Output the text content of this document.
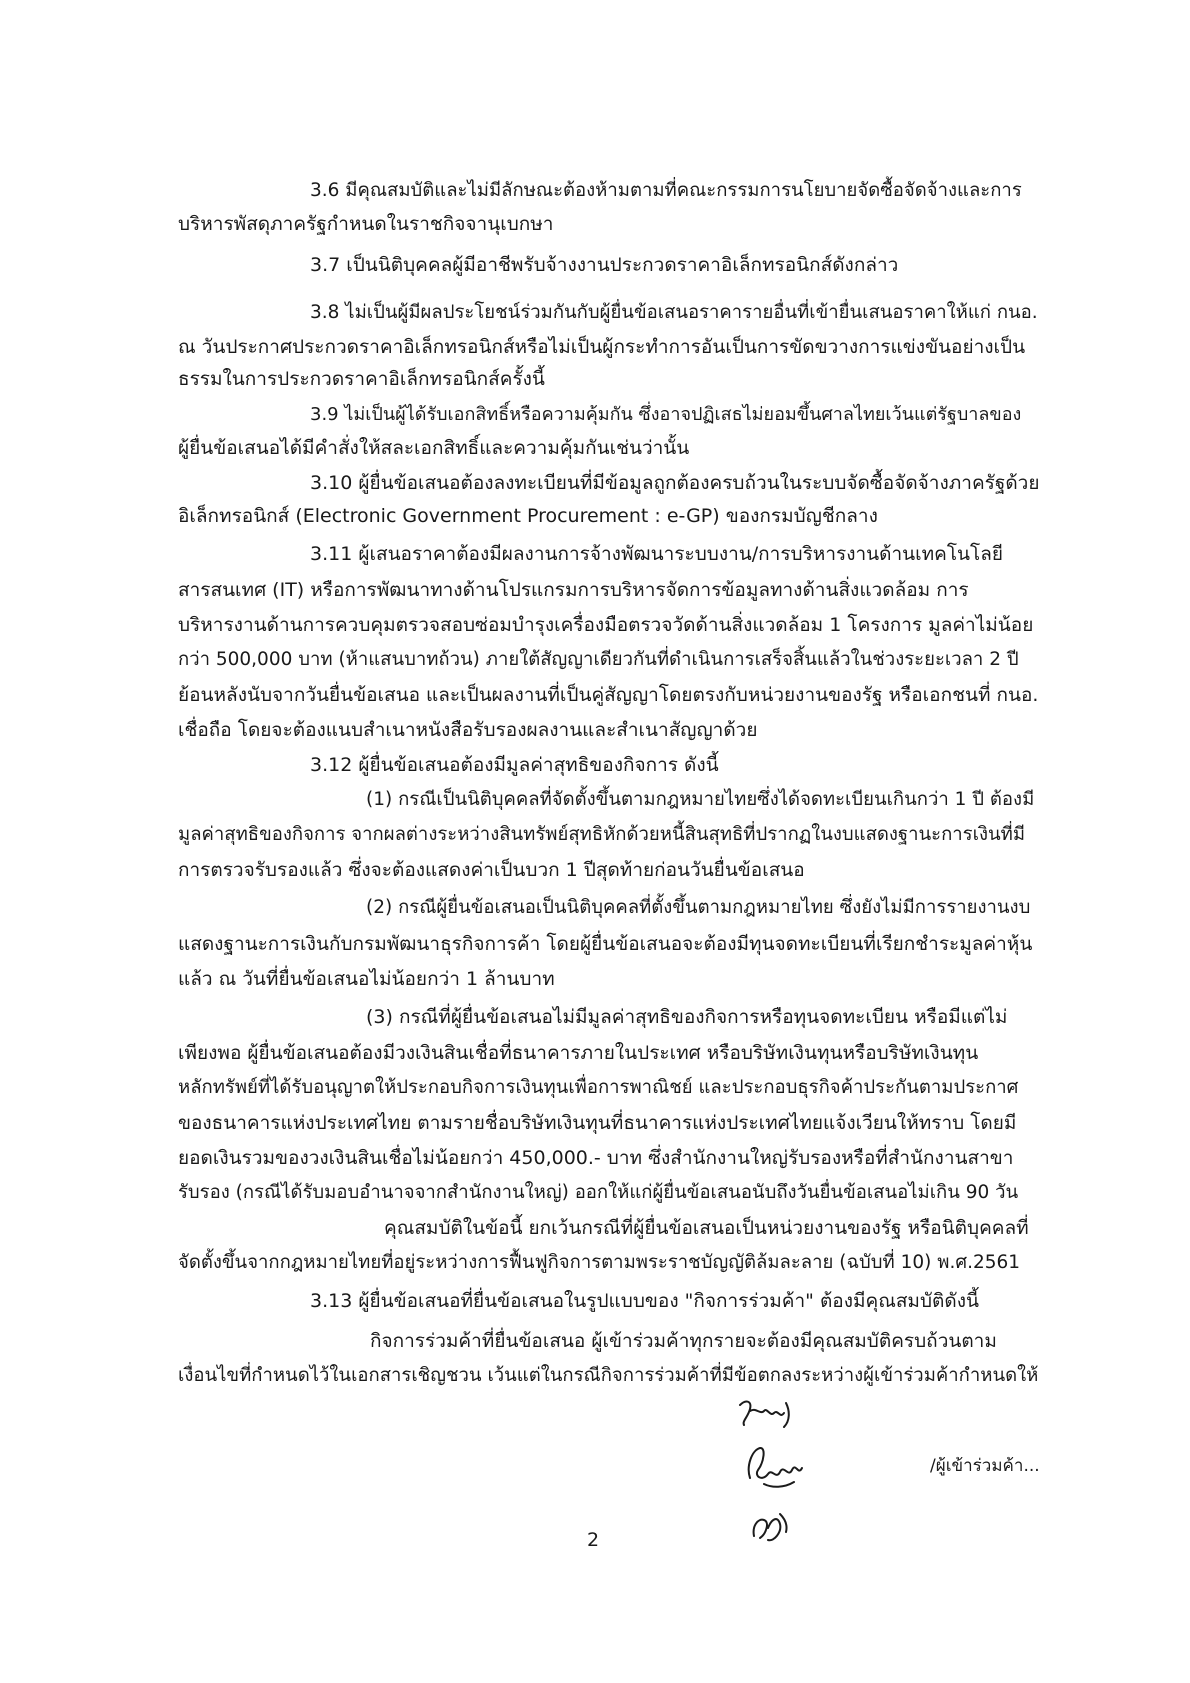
3.6 มีคุณสมบัติและไม่มีลักษณะต้องห้ามตามที่คณะกรรมการนโยบายจัดซื้อจัดจ้างและการ
บริหารพัสดุภาครัฐกำหนดในราชกิจจานุเบกษา
3.7 เป็นนิติบุคคลผู้มีอาชีพรับจ้างงานประกวดราคาอิเล็กทรอนิกส์ดังกล่าว
3.8 ไม่เป็นผู้มีผลประโยชน์ร่วมกันกับผู้ยื่นข้อเสนอราคารายอื่นที่เข้ายื่นเสนอราคาให้แก่ กนอ.
ณ วันประกาศประกวดราคาอิเล็กทรอนิกส์หรือไม่เป็นผู้กระทำการอันเป็นการขัดขวางการแข่งขันอย่างเป็น
ธรรมในการประกวดราคาอิเล็กทรอนิกส์ครั้งนี้
3.9 ไม่เป็นผู้ได้รับเอกสิทธิ์หรือความคุ้มกัน ซึ่งอาจปฏิเสธไม่ยอมขึ้นศาลไทยเว้นแต่รัฐบาลของ
ผู้ยื่นข้อเสนอได้มีคำสั่งให้สละเอกสิทธิ์และความคุ้มกันเช่นว่านั้น
3.10 ผู้ยื่นข้อเสนอต้องลงทะเบียนที่มีข้อมูลถูกต้องครบถ้วนในระบบจัดซื้อจัดจ้างภาครัฐด้วย
อิเล็กทรอนิกส์ (Electronic Government Procurement : e-GP) ของกรมบัญชีกลาง
3.11 ผู้เสนอราคาต้องมีผลงานการจ้างพัฒนาระบบงาน/การบริหารงานด้านเทคโนโลยี
สารสนเทศ (IT) หรือการพัฒนาทางด้านโปรแกรมการบริหารจัดการข้อมูลทางด้านสิ่งแวดล้อม การ
บริหารงานด้านการควบคุมตรวจสอบซ่อมบำรุงเครื่องมือตรวจวัดด้านสิ่งแวดล้อม 1 โครงการ มูลค่าไม่น้อย
กว่า 500,000 บาท (ห้าแสนบาทถ้วน) ภายใต้สัญญาเดียวกันที่ดำเนินการเสร็จสิ้นแล้วในช่วงระยะเวลา 2 ปี
ย้อนหลังนับจากวันยื่นข้อเสนอ และเป็นผลงานที่เป็นคู่สัญญาโดยตรงกับหน่วยงานของรัฐ หรือเอกชนที่ กนอ.
เชื่อถือ โดยจะต้องแนบสำเนาหนังสือรับรองผลงานและสำเนาสัญญาด้วย
3.12 ผู้ยื่นข้อเสนอต้องมีมูลค่าสุทธิของกิจการ ดังนี้
(1) กรณีเป็นนิติบุคคลที่จัดตั้งขึ้นตามกฎหมายไทยซึ่งได้จดทะเบียนเกินกว่า 1 ปี ต้องมี
มูลค่าสุทธิของกิจการ จากผลต่างระหว่างสินทรัพย์สุทธิหักด้วยหนี้สินสุทธิที่ปรากฏในงบแสดงฐานะการเงินที่มี
การตรวจรับรองแล้ว ซึ่งจะต้องแสดงค่าเป็นบวก 1 ปีสุดท้ายก่อนวันยื่นข้อเสนอ
(2) กรณีผู้ยื่นข้อเสนอเป็นนิติบุคคลที่ตั้งขึ้นตามกฎหมายไทย ซึ่งยังไม่มีการรายงานงบ
แสดงฐานะการเงินกับกรมพัฒนาธุรกิจการค้า โดยผู้ยื่นข้อเสนอจะต้องมีทุนจดทะเบียนที่เรียกชำระมูลค่าหุ้น
แล้ว ณ วันที่ยื่นข้อเสนอไม่น้อยกว่า 1 ล้านบาท
(3) กรณีที่ผู้ยื่นข้อเสนอไม่มีมูลค่าสุทธิของกิจการหรือทุนจดทะเบียน หรือมีแต่ไม่
เพียงพอ ผู้ยื่นข้อเสนอต้องมีวงเงินสินเชื่อที่ธนาคารภายในประเทศ หรือบริษัทเงินทุนหรือบริษัทเงินทุน
หลักทรัพย์ที่ได้รับอนุญาตให้ประกอบกิจการเงินทุนเพื่อการพาณิชย์ และประกอบธุรกิจค้าประกันตามประกาศ
ของธนาคารแห่งประเทศไทย ตามรายชื่อบริษัทเงินทุนที่ธนาคารแห่งประเทศไทยแจ้งเวียนให้ทราบ โดยมี
ยอดเงินรวมของวงเงินสินเชื่อไม่น้อยกว่า 450,000.- บาท ซึ่งสำนักงานใหญ่รับรองหรือที่สำนักงานสาขา
รับรอง (กรณีได้รับมอบอำนาจจากสำนักงานใหญ่) ออกให้แก่ผู้ยื่นข้อเสนอนับถึงวันยื่นข้อเสนอไม่เกิน 90 วัน
คุณสมบัติในข้อนี้ ยกเว้นกรณีที่ผู้ยื่นข้อเสนอเป็นหน่วยงานของรัฐ หรือนิติบุคคลที่
จัดตั้งขึ้นจากกฎหมายไทยที่อยู่ระหว่างการฟื้นฟูกิจการตามพระราชบัญญัติล้มละลาย (ฉบับที่ 10) พ.ศ.2561
3.13 ผู้ยื่นข้อเสนอที่ยื่นข้อเสนอในรูปแบบของ "กิจการร่วมค้า" ต้องมีคุณสมบัติดังนี้
กิจการร่วมค้าที่ยื่นข้อเสนอ ผู้เข้าร่วมค้าทุกรายจะต้องมีคุณสมบัติครบถ้วนตาม
เงื่อนไขที่กำหนดไว้ในเอกสารเชิญชวน เว้นแต่ในกรณีกิจการร่วมค้าที่มีข้อตกลงระหว่างผู้เข้าร่วมค้ากำหนดให้
/ผู้เข้าร่วมค้า...
2
